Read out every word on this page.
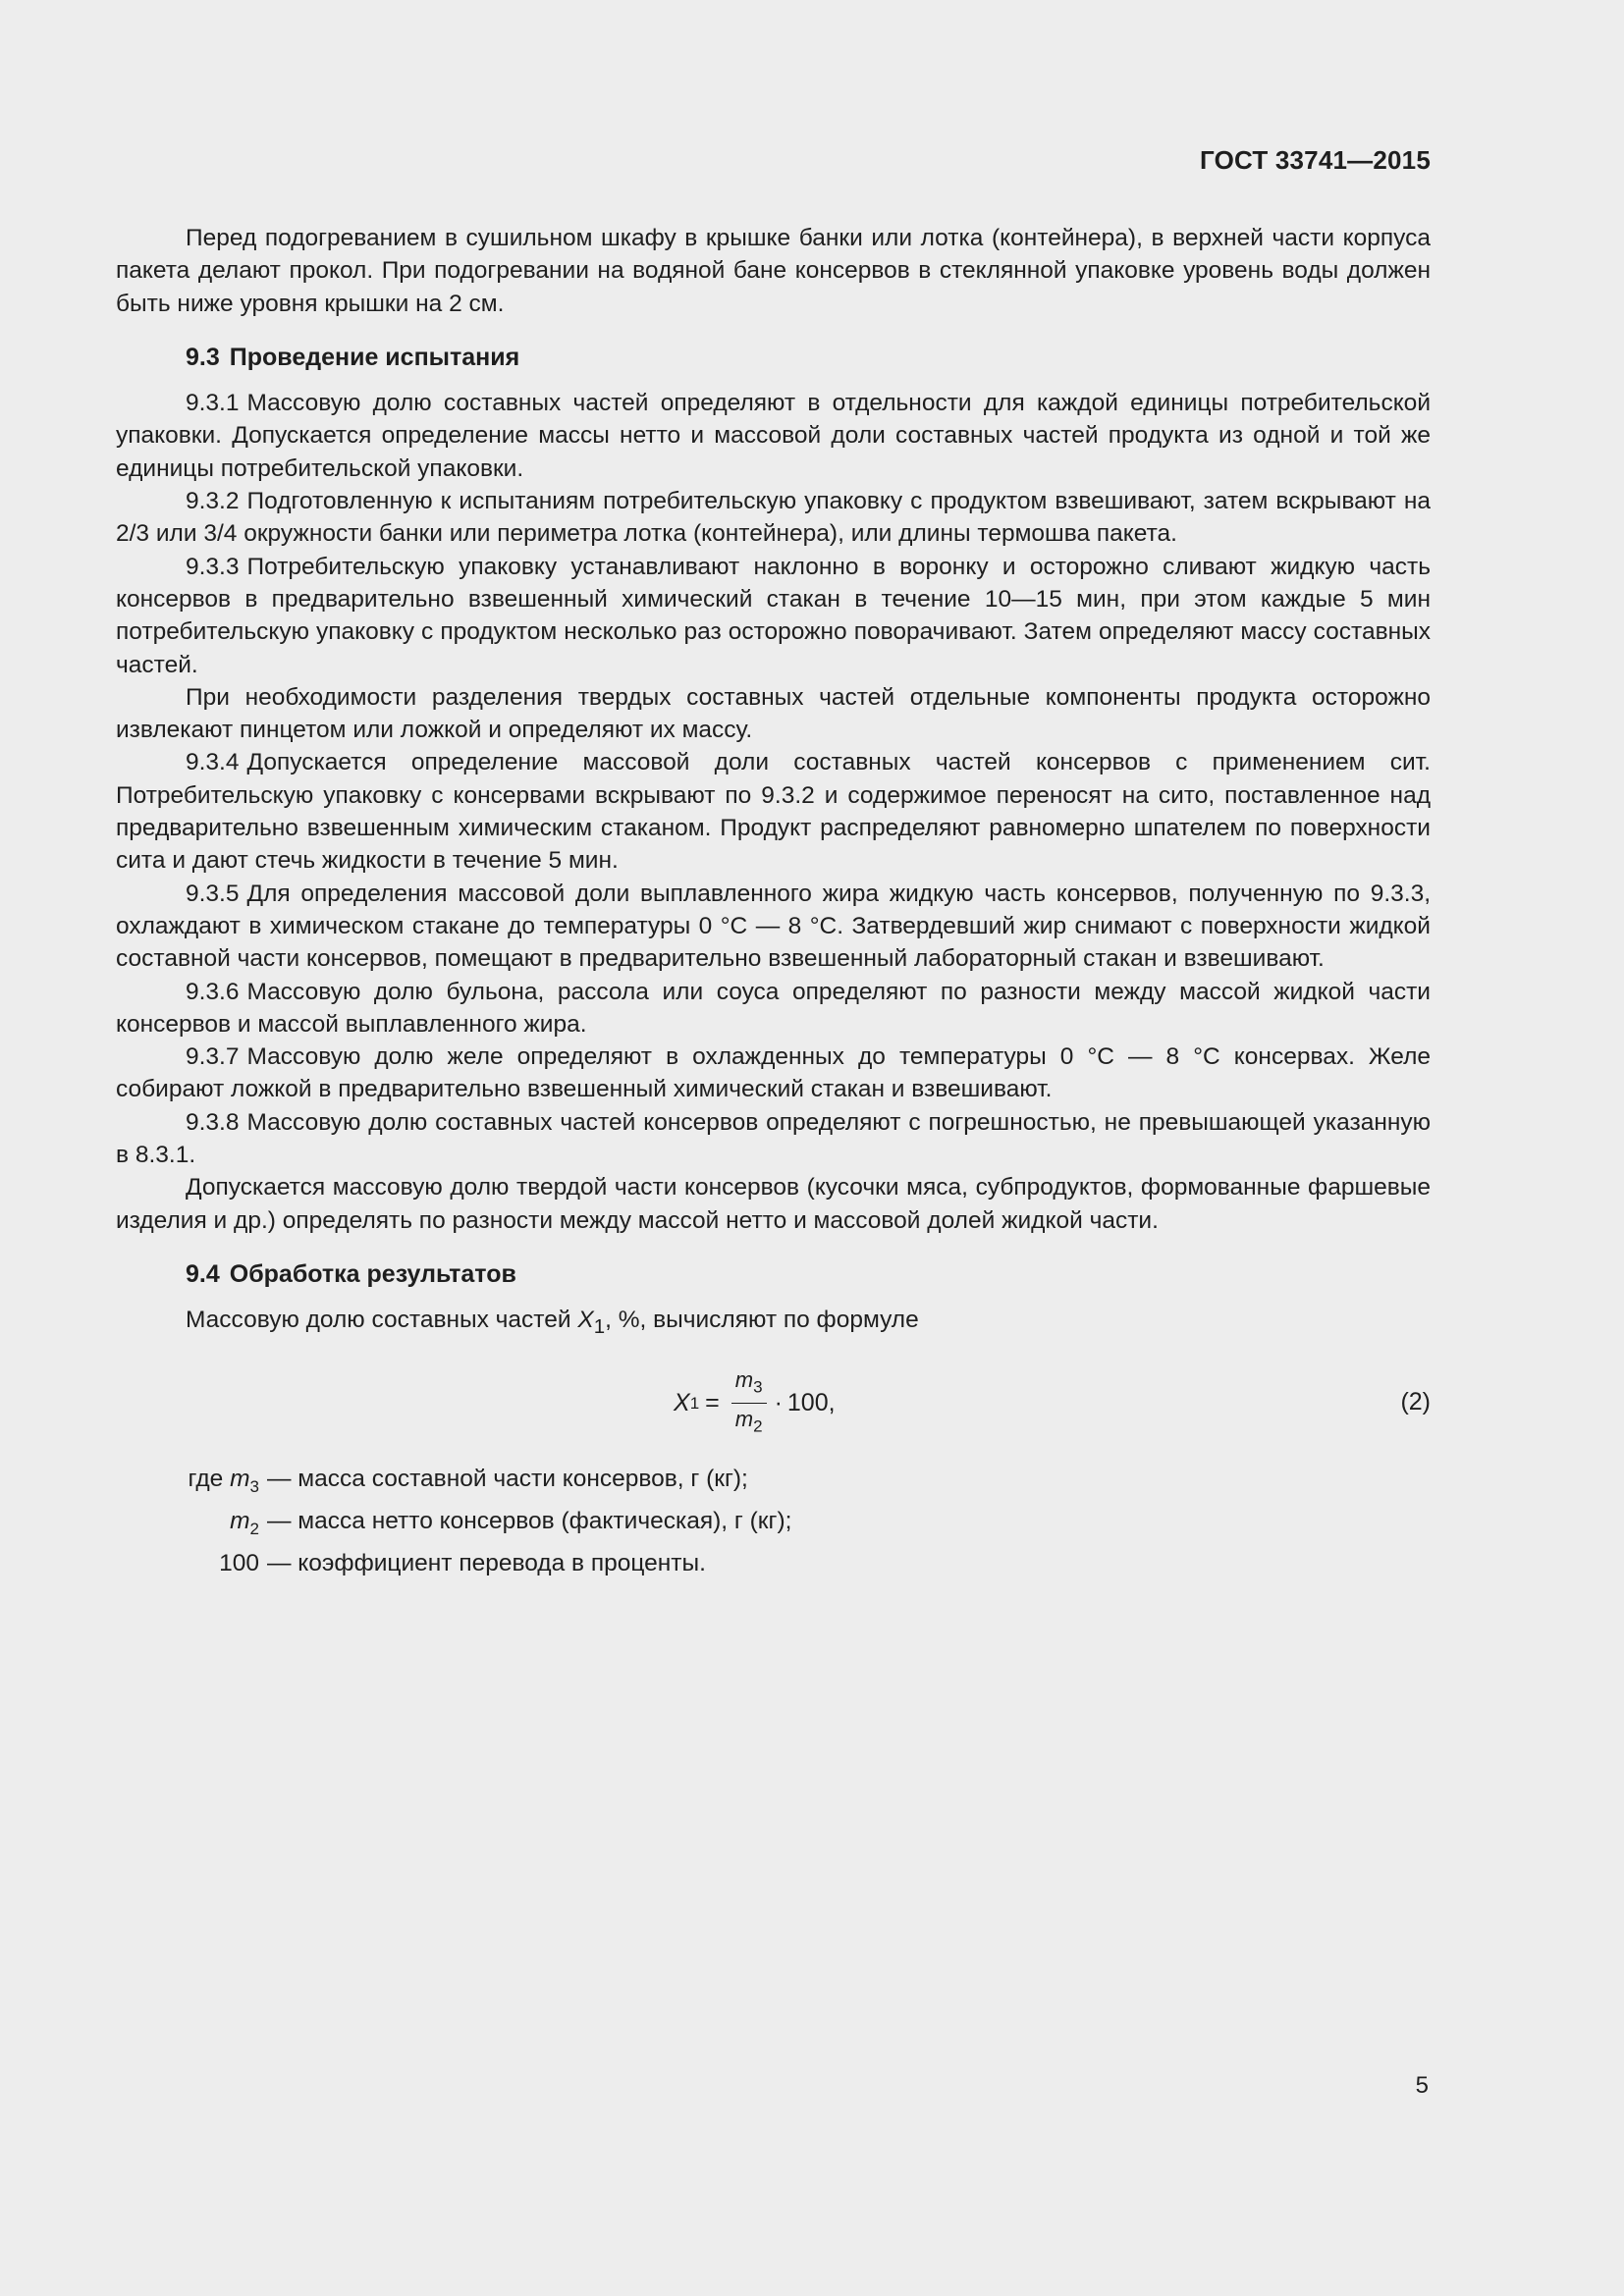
ГОСТ 33741—2015

Перед подогреванием в сушильном шкафу в крышке банки или лотка (контейнера), в верхней части корпуса пакета делают прокол. При подогревании на водяной бане консервов в стеклянной упаковке уровень воды должен быть ниже уровня крышки на 2 см.

9.3 Проведение испытания

9.3.1 Массовую долю составных частей определяют в отдельности для каждой единицы потребительской упаковки. Допускается определение массы нетто и массовой доли составных частей продукта из одной и той же единицы потребительской упаковки.

9.3.2 Подготовленную к испытаниям потребительскую упаковку с продуктом взвешивают, затем вскрывают на 2/3 или 3/4 окружности банки или периметра лотка (контейнера), или длины термошва пакета.

9.3.3 Потребительскую упаковку устанавливают наклонно в воронку и осторожно сливают жидкую часть консервов в предварительно взвешенный химический стакан в течение 10—15 мин, при этом каждые 5 мин потребительскую упаковку с продуктом несколько раз осторожно поворачивают. Затем определяют массу составных частей.

При необходимости разделения твердых составных частей отдельные компоненты продукта осторожно извлекают пинцетом или ложкой и определяют их массу.

9.3.4 Допускается определение массовой доли составных частей консервов с применением сит. Потребительскую упаковку с консервами вскрывают по 9.3.2 и содержимое переносят на сито, поставленное над предварительно взвешенным химическим стаканом. Продукт распределяют равномерно шпателем по поверхности сита и дают стечь жидкости в течение 5 мин.

9.3.5 Для определения массовой доли выплавленного жира жидкую часть консервов, полученную по 9.3.3, охлаждают в химическом стакане до температуры 0 °С — 8 °С. Затвердевший жир снимают с поверхности жидкой составной части консервов, помещают в предварительно взвешенный лабораторный стакан и взвешивают.

9.3.6 Массовую долю бульона, рассола или соуса определяют по разности между массой жидкой части консервов и массой выплавленного жира.

9.3.7 Массовую долю желе определяют в охлажденных до температуры 0 °С — 8 °С консервах. Желе собирают ложкой в предварительно взвешенный химический стакан и взвешивают.

9.3.8 Массовую долю составных частей консервов определяют с погрешностью, не превышающей указанную в 8.3.1.

Допускается массовую долю твердой части консервов (кусочки мяса, субпродуктов, формованные фаршевые изделия и др.) определять по разности между массой нетто и массовой долей жидкой части.

9.4 Обработка результатов

Массовую долю составных частей $X_1$, %, вычисляют по формуле

X $1 = \frac{m_3}{m_2} \cdot 100$,	(2)
где $m_3$ — масса составной части консервов, г (кг);
$m_2$ — масса нетто консервов (фактическая), г (кг);
100 — коэффициент перевода в проценты.
5
